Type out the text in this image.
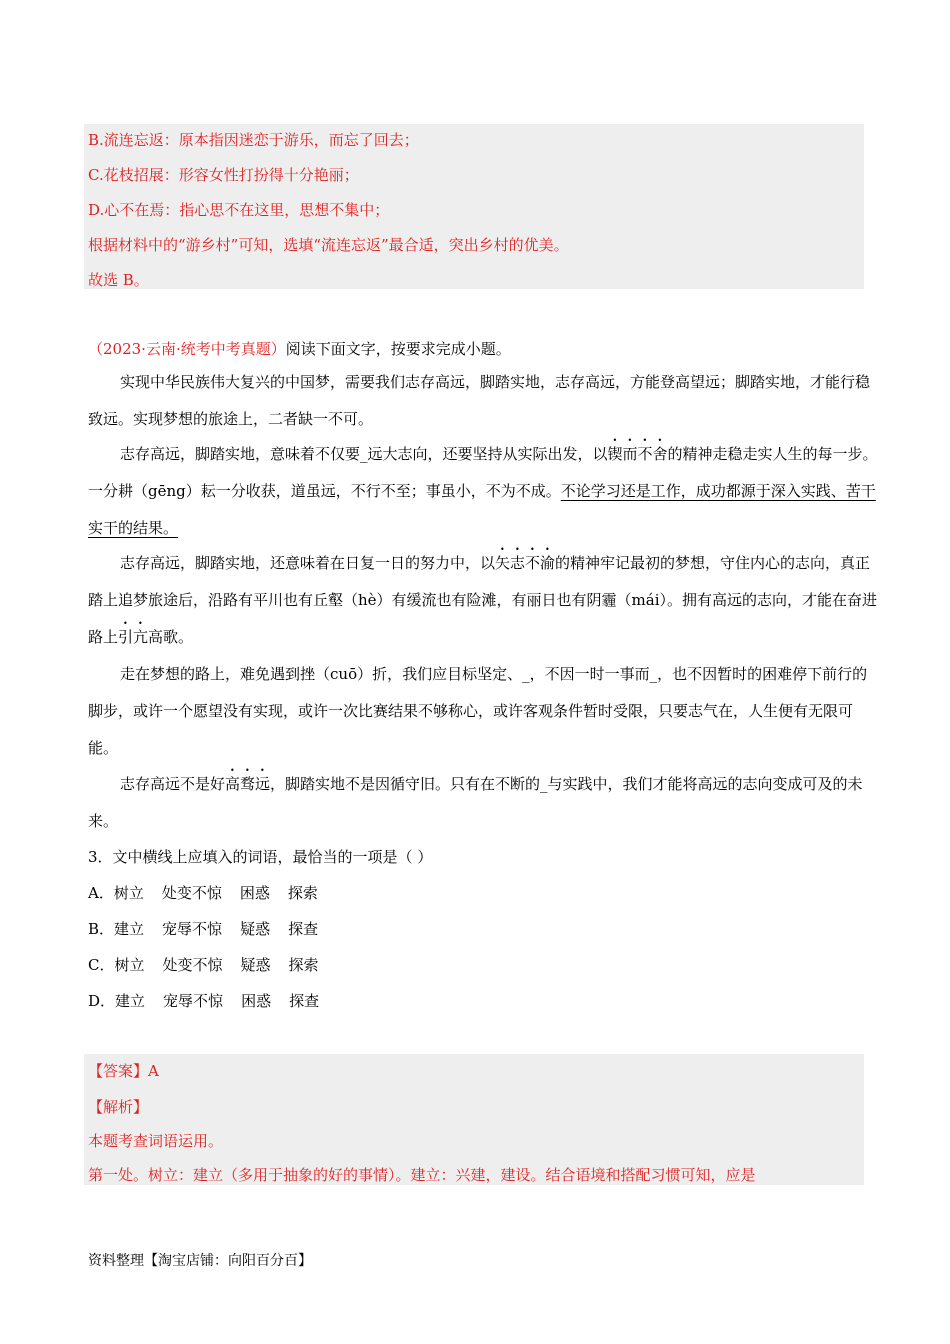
B.流连忘返：原本指因迷恋于游乐，而忘了回去；
C.花枝招展：形容女性打扮得十分艳丽；
D.心不在焉：指心思不在这里，思想不集中；
根据材料中的“游乡村”可知，选填“流连忘返”最合适，突出乡村的优美。
故选 B。
（2023·云南·统考中考真题）阅读下面文字，按要求完成小题。
实现中华民族伟大复兴的中国梦，需要我们志存高远，脚踏实地，志存高远，方能登高望远；脚踏实地，才能行稳致远。实现梦想的旅途上，二者缺一不可。
志存高远，脚踏实地，意味着不仅要_远大志向，还要坚持从实际出发，以锲而不舍的精神走稳走实人生的每一步。一分耕（gēng）耘一分收获，道虽远，不行不至；事虽小，不为不成。不论学习还是工作，成功都源于深入实践、苦干实干的结果。
志存高远，脚踏实地，还意味着在日复一日的努力中，以矢志不渝的精神牢记最初的梦想，守住内心的志向，真正踏上追梦旅途后，沿路有平川也有丘壑（hè）有缓流也有险滩，有丽日也有阴霾（mái）。拥有高远的志向，才能在奋进路上引亢高歌。
走在梦想的路上，难免遇到挫（cuō）折，我们应目标坚定、_，不因一时一事而_，也不因暂时的困难停下前行的脚步，或许一个愿望没有实现，或许一次比赛结果不够称心，或许客观条件暂时受限，只要志气在，人生便有无限可能。
志存高远不是好高骛远，脚踏实地不是因循守旧。只有在不断的_与实践中，我们才能将高远的志向变成可及的未来。
3．文中横线上应填入的词语，最恰当的一项是（ ）
A．树立 处变不惊 困惑 探索
B．建立 宠辱不惊 疑惑 探查
C．树立 处变不惊 疑惑 探索
D．建立 宠辱不惊 困惑 探查
【答案】A
【解析】
本题考查词语运用。
第一处。树立：建立（多用于抽象的好的事情）。建立：兴建，建设。结合语境和搭配习惯可知，应是
资料整理【淘宝店铺：向阳百分百】
